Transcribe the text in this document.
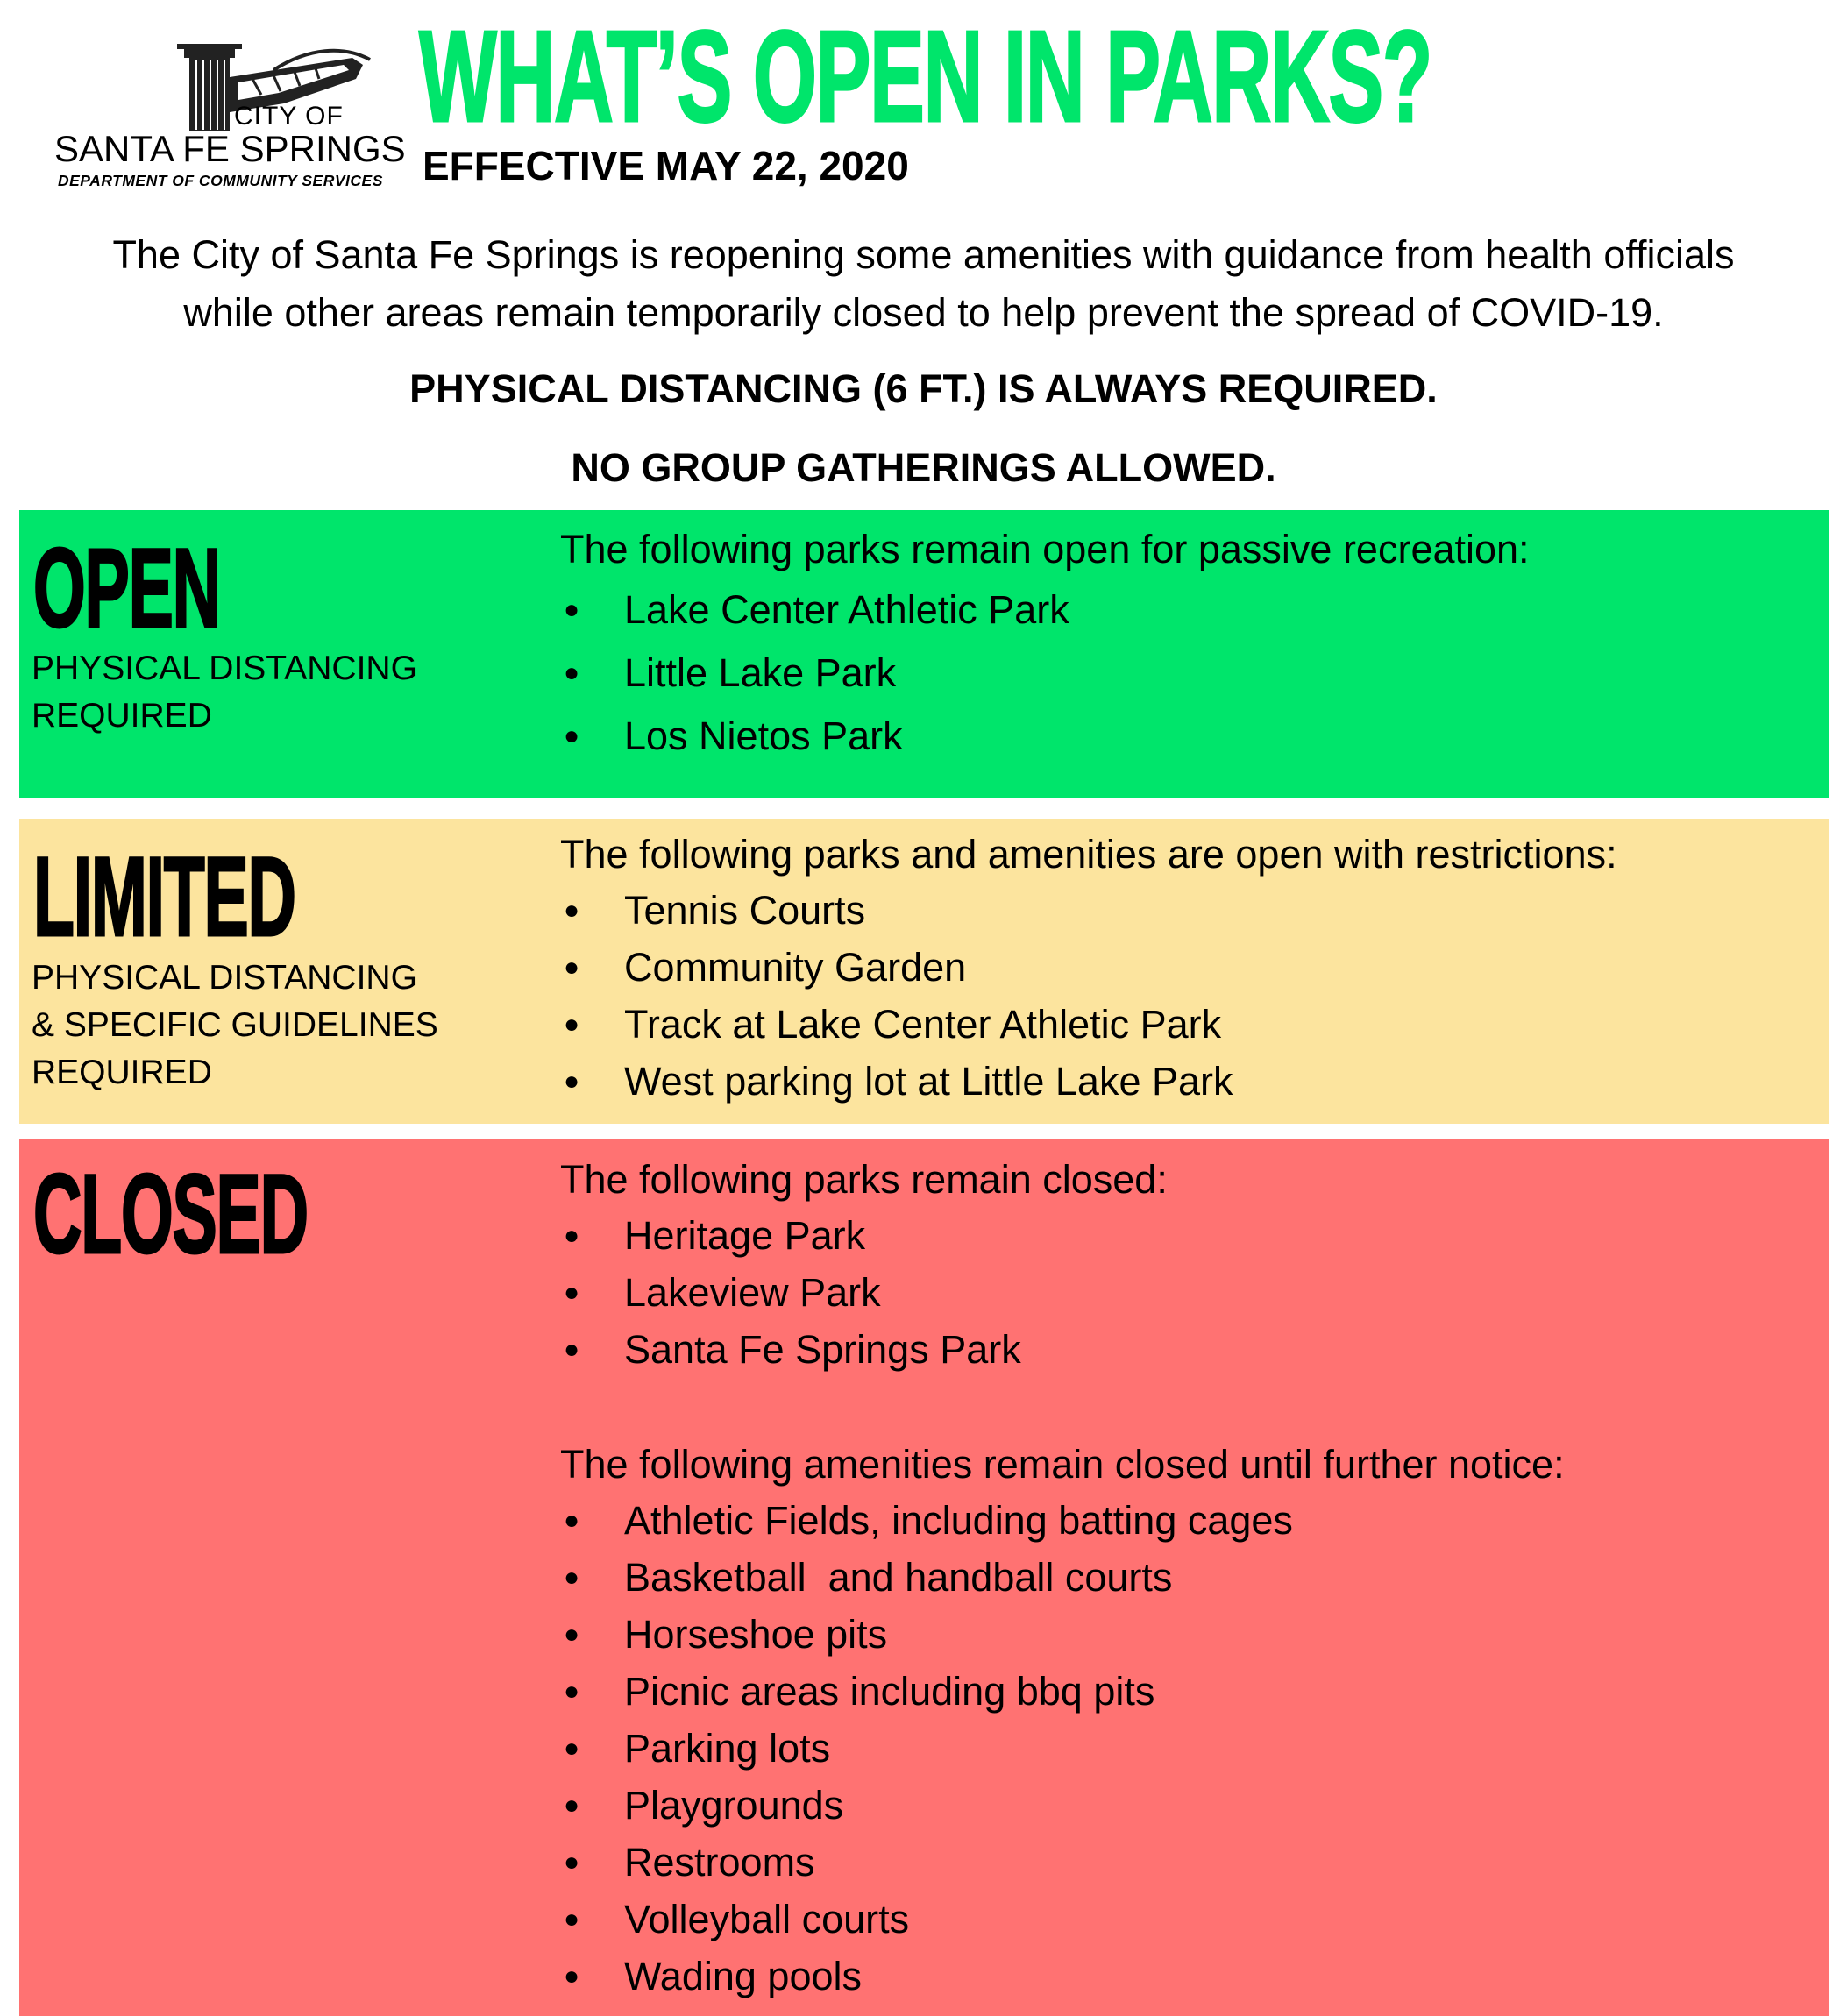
CITY OF
SANTA FE SPRINGS
DEPARTMENT OF COMMUNITY SERVICES
WHAT’S OPEN IN PARKS?
EFFECTIVE MAY 22, 2020
The City of Santa Fe Springs is reopening some amenities with guidance from health officials
while other areas remain temporarily closed to help prevent the spread of COVID-19.
PHYSICAL DISTANCING (6 FT.) IS ALWAYS REQUIRED.
NO GROUP GATHERINGS ALLOWED.
OPEN
PHYSICAL DISTANCING
REQUIRED
The following parks remain open for passive recreation:
● Lake Center Athletic Park
● Little Lake Park
● Los Nietos Park
LIMITED
PHYSICAL DISTANCING
& SPECIFIC GUIDELINES
REQUIRED
The following parks and amenities are open with restrictions:
● Tennis Courts
● Community Garden
● Track at Lake Center Athletic Park
● West parking lot at Little Lake Park
CLOSED	The following parks remain closed:
● Heritage Park
● Lakeview Park
● Santa Fe Springs Park
The following amenities remain closed until further notice:
● Athletic Fields, including batting cages
● Basketball  and handball courts
● Horseshoe pits
● Picnic areas including bbq pits
● Parking lots
● Playgrounds
● Restrooms
● Volleyball courts
● Wading pools
